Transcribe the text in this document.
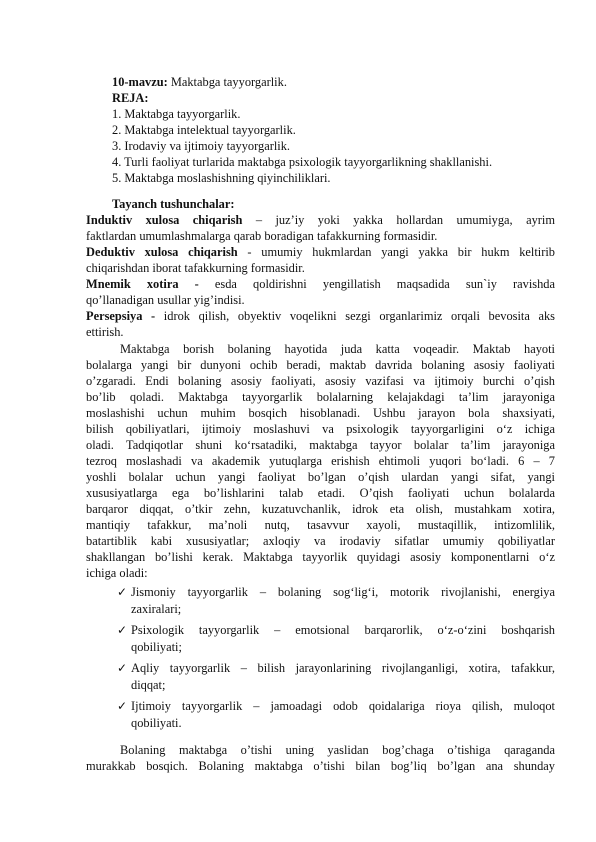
10-mavzu: Maktabga tayyorgarlik.
REJA:
1. Maktabga tayyorgarlik.
2. Maktabga intelektual tayyorgarlik.
3. Irodaviy va ijtimoiy tayyorgarlik.
4. Turli faoliyat turlarida maktabga psixologik tayyorgarlikning shakllanishi.
5. Maktabga moslashishning qiyinchiliklari.
Tayanch tushunchalar:
Induktiv xulosa chiqarish – juz’iy yoki yakka hollardan umumiyga, ayrim
faktlardan umumlashmalarga qarab boradigan tafakkurning formasidir.
Deduktiv xulosa chiqarish - umumiy hukmlardan yangi yakka bir hukm keltirib
chiqarishdan iborat tafakkurning formasidir.
Mnemik xotira - esda qoldirishni yengillatish maqsadida sun`iy ravishda
qo’llanadigan usullar yig’indisi.
Persepsiya - idrok qilish, obyektiv voqelikni sezgi organlarimiz orqali bevosita aks
ettirish.
Maktabga borish bolaning hayotida juda katta voqeadir. Maktab hayoti
bolalarga yangi bir dunyoni ochib beradi, maktab davrida bolaning asosiy faoliyati
o’zgaradi. Endi bolaning asosiy faoliyati, asosiy vazifasi va ijtimoiy burchi o’qish
bo’lib qoladi. Maktabga tayyorgarlik bolalarning kelajakdagi ta’lim jarayoniga
moslashishi uchun muhim bosqich hisoblanadi. Ushbu jarayon bola shaxsiyati,
bilish qobiliyatlari, ijtimoiy moslashuvi va psixologik tayyorgarligini o‘z ichiga
oladi. Tadqiqotlar shuni ko‘rsatadiki, maktabga tayyor bolalar ta’lim jarayoniga
tezroq moslashadi va akademik yutuqlarga erishish ehtimoli yuqori bo‘ladi. 6 – 7
yoshli bolalar uchun yangi faoliyat bo’lgan o’qish ulardan yangi sifat, yangi
xususiyatlarga ega bo’lishlarini talab etadi. O’qish faoliyati uchun bolalarda
barqaror diqqat, o’tkir zehn, kuzatuvchanlik, idrok eta olish, mustahkam xotira,
mantiqiy tafakkur, ma’noli nutq, tasavvur xayoli, mustaqillik, intizomlilik,
batartiblik kabi xususiyatlar; axloqiy va irodaviy sifatlar umumiy qobiliyatlar
shakllangan bo’lishi kerak. Maktabga tayyorlik quyidagi asosiy komponentlarni o‘z
ichiga oladi:
✓ Jismoniy tayyorgarlik – bolaning sog‘lig‘i, motorik rivojlanishi, energiya
zaxiralari;
✓ Psixologik tayyorgarlik – emotsional barqarorlik, o‘z-o‘zini boshqarish
qobiliyati;
✓ Aqliy tayyorgarlik – bilish jarayonlarining rivojlanganligi, xotira, tafakkur,
diqqat;
✓ Ijtimoiy tayyorgarlik – jamoadagi odob qoidalariga rioya qilish, muloqot
qobiliyati.
Bolaning maktabga o’tishi uning yaslidan bog’chaga o’tishiga qaraganda
murakkab bosqich. Bolaning maktabga o’tishi bilan bog’liq bo’lgan ana shunday
